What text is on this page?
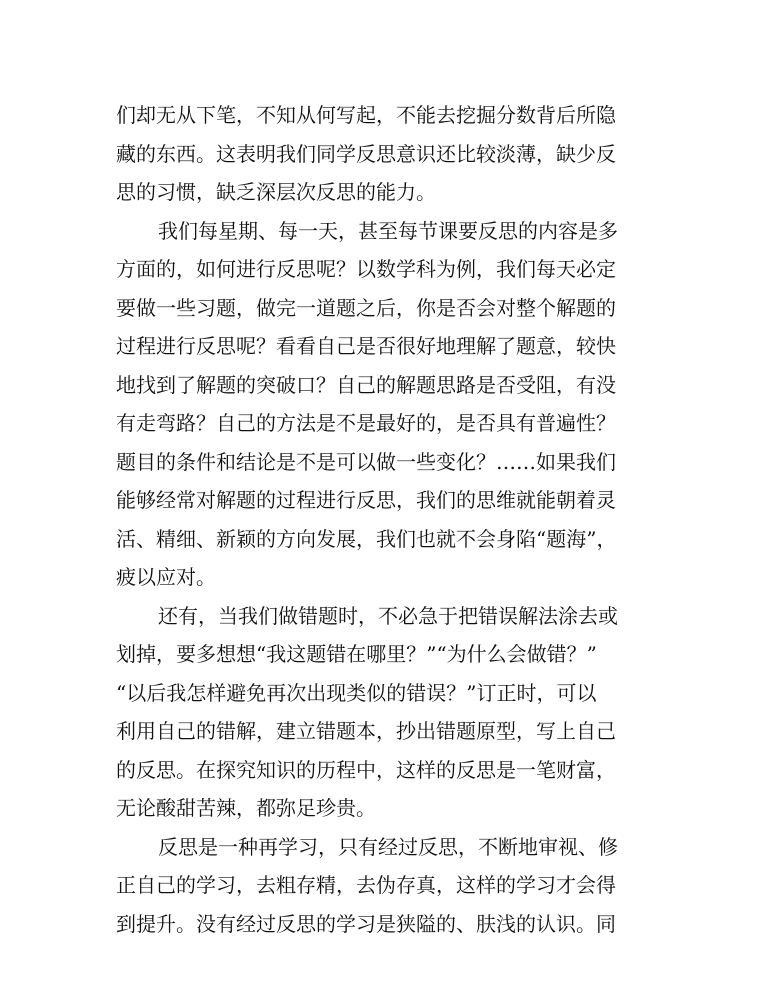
们却无从下笔，不知从何写起，不能去挖掘分数背后所隐
藏的东西。这表明我们同学反思意识还比较淡薄，缺少反
思的习惯，缺乏深层次反思的能力。
我们每星期、每一天，甚至每节课要反思的内容是多
方面的，如何进行反思呢？以数学科为例，我们每天必定
要做一些习题，做完一道题之后，你是否会对整个解题的
过程进行反思呢？看看自己是否很好地理解了题意，较快
地找到了解题的突破口？自己的解题思路是否受阻，有没
有走弯路？自己的方法是不是最好的，是否具有普遍性？
题目的条件和结论是不是可以做一些变化？……如果我们
能够经常对解题的过程进行反思，我们的思维就能朝着灵
活、精细、新颖的方向发展，我们也就不会身陷“题海”，
疲以应对。
还有，当我们做错题时，不必急于把错误解法涂去或
划掉，要多想想“我这题错在哪里？”“为什么会做错？”
“以后我怎样避免再次出现类似的错误？”订正时，可以
利用自己的错解，建立错题本，抄出错题原型，写上自己
的反思。在探究知识的历程中，这样的反思是一笔财富，
无论酸甜苦辣，都弥足珍贵。
反思是一种再学习，只有经过反思，不断地审视、修
正自己的学习，去粗存精，去伪存真，这样的学习才会得
到提升。没有经过反思的学习是狭隘的、肤浅的认识。同
